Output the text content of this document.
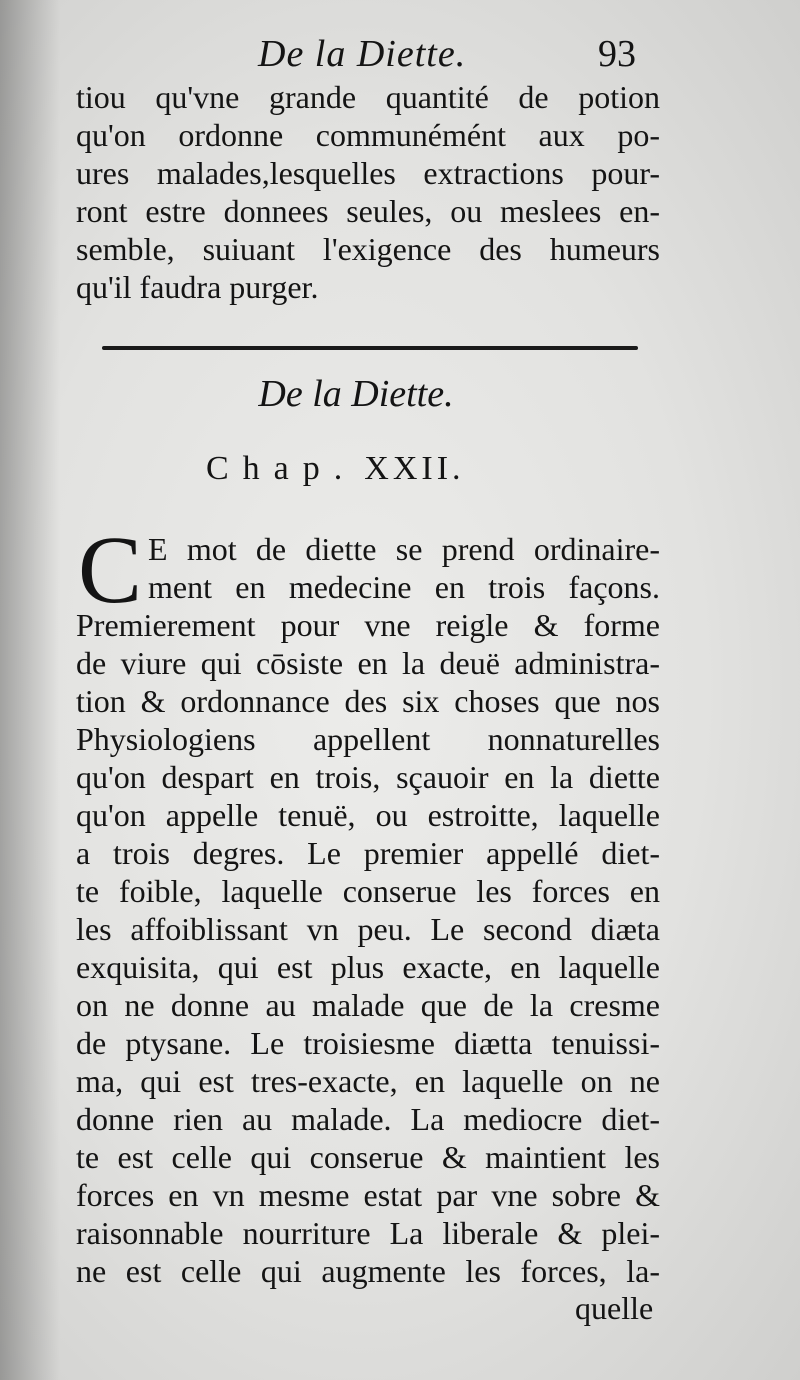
De la Diette.	93
tiou qu'vne grande quantité de potion
qu'on ordonne communémént aux po-
ures malades,lesquelles extractions pour-
ront estre donnees seules, ou meslees en-
semble, suiuant l'exigence des humeurs
qu'il faudra purger.
De la Diette.
Chap. XXII.
C E mot de diette se prend ordinaire-
ment en medecine en trois façons.
Premierement pour vne reigle & forme
de viure qui cōsiste en la deuë administra-
tion & ordonnance des six choses que nos
Physiologiens appellent nonnaturelles
qu'on despart en trois, sçauoir en la diette
qu'on appelle tenuë, ou estroitte, laquelle
a trois degres. Le premier appellé diet-
te foible, laquelle conserue les forces en
les affoiblissant vn peu. Le second diæta
exquisita, qui est plus exacte, en laquelle
on ne donne au malade que de la cresme
de ptysane. Le troisiesme diætta tenuissi-
ma, qui est tres-exacte, en laquelle on ne
donne rien au malade. La mediocre diet-
te est celle qui conserue & maintient les
forces en vn mesme estat par vne sobre &
raisonnable nourriture La liberale & plei-
ne est celle qui augmente les forces, la-
quelle
